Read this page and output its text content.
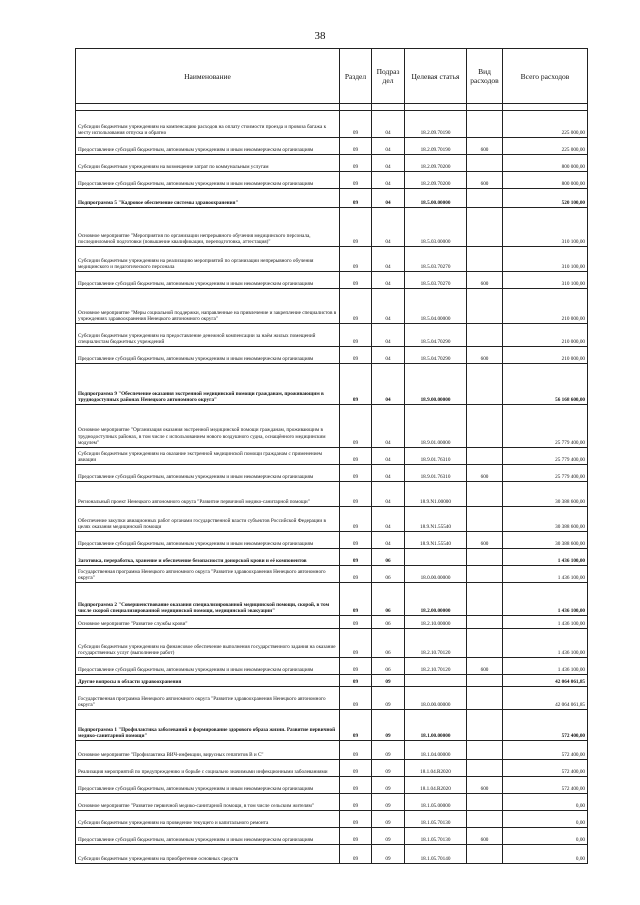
38
Наименование	Раздел	Подраз дел	Целевая статья	Вид расходов	Всего расходов

Субсидии бюджетным учреждениям на компенсацию расходов на оплату стоимости проезда и провоза багажа к месту использования отпуска и обратно	09	04	18.2.09.70190		225 000,00
Предоставление субсидий бюджетным, автономным учреждениям и иным некоммерческим организациям	09	04	18.2.09.70190	600	225 000,00
Субсидии бюджетным учреждениям на возмещение затрат по коммунальным услугам	09	04	18.2.09.70200		800 000,00
Предоставление субсидий бюджетным, автономным учреждениям и иным некоммерческим организациям	09	04	18.2.09.70200	600	800 000,00
Подпрограмма 5 "Кадровое обеспечение системы здравоохранения"	09	04	18.5.00.00000		520 100,00
Основное мероприятие "Мероприятия по организации непрерывного обучения медицинского персонала, послединломной подготовки (повышение квалификации, переподготовка, аттестация)"	09	04	18.5.03.00000		310 100,00
Субсидии бюджетным учреждениям на реализацию мероприятий по организации непрерывного обучения медицинского и педагогического персонала	09	04	18.5.03.70270		310 100,00
Предоставление субсидий бюджетным, автономным учреждениям и иным некоммерческим организациям	09	04	18.5.03.70270	600	310 100,00
Основное мероприятие "Меры социальной поддержки, направленные на привлечение и закрепление специалистов в учреждениях здравоохранения Ненецкого автономного округа"	09	04	18.5.04.00000		210 000,00
Субсидии бюджетным учреждениям на предоставление денежной компенсации за наём жилых помещений специалистам бюджетных учреждений	09	04	18.5.04.70290		210 000,00
Предоставление субсидий бюджетным, автономным учреждениям и иным некоммерческим организациям	09	04	18.5.04.70290	600	210 000,00
Подпрограмма 9 "Обеспечение оказания экстренной медицинской помощи гражданам, проживающим в труднодоступных районах Ненецкого автономного округа"	09	04	18.9.00.00000		56 168 600,00
Основное мероприятие "Организация оказания экстренной медицинской помощи гражданам, проживающим в труднодоступных районах, в том числе с использованием нового воздушного судна, оснащённого медицинским модулем"	09	04	18.9.01.00000		25 779 400,00
Субсидии бюджетным учреждениям на оказание экстренной медицинской помощи гражданам с применением авиации	09	04	18.9.01.76310		25 779 400,00
Предоставление субсидий бюджетным, автономным учреждениям и иным некоммерческим организациям	09	04	18.9.01.76310	600	25 779 400,00
Региональный проект Ненецкого автономного округа "Развитие первичной медико-санитарной помощи"	09	04	18.9.N1.00000		30 388 600,00
Обеспечение закупки авиационных работ органами государственной власти субъектов Российской Федерации в целях оказания медицинской помощи	09	04	18.9.N1.55540		30 388 600,00
Предоставление субсидий бюджетным, автономным учреждениям и иным некоммерческим организациям	09	04	18.9.N1.55540	600	30 388 600,00
Заготовка, переработка, хранение и обеспечение безопасности донорской крови и её компонентов	09	06			1 436 100,00
Государственная программа Ненецкого автономного округа "Развитие здравоохранения Ненецкого автономного округа"	09	06	18.0.00.00000		1 436 100,00
Подпрограмма 2 "Совершенствование оказания специализированной медицинской помощи, скорой, в том числе скорой специализированной медицинской помощи, медицинской эвакуации"	09	06	18.2.00.00000		1 436 100,00
Основное мероприятие "Развитие службы крови"	09	06	18.2.10.00000		1 436 100,00
Субсидии бюджетным учреждениям на финансовое обеспечение выполнения государственного задания на оказание государственных услуг (выполнение работ)	09	06	18.2.10.70120		1 436 100,00
Предоставление субсидий бюджетным, автономным учреждениям и иным некоммерческим организациям	09	06	18.2.10.70120	600	1 436 100,00
Другие вопросы в области здравоохранения	09	09			42 064 061,85
Государственная программа Ненецкого автономного округа "Развитие здравоохранения Ненецкого автономного округа"	09	09	18.0.00.00000		42 064 061,85
Подпрограмма 1 "Профилактика заболеваний и формирование здорового образа жизни. Развитие первичной медико-санитарной помощи"	09	09	18.1.00.00000		572 400,00
Основное мероприятие "Профилактика ВИЧ-инфекции, вирусных гепатитов В и С"	09	09	18.1.04.00000		572 400,00
Реализация мероприятий по предупреждению и борьбе с социально значимыми инфекционными заболеваниями	09	09	18.1.04.R2020		572 400,00
Предоставление субсидий бюджетным, автономным учреждениям и иным некоммерческим организациям	09	09	18.1.04.R2020	600	572 400,00
Основное мероприятие "Развитие первичной медико-санитарной помощи, в том числе сельским жителям"	09	09	18.1.05.00000		0,00
Субсидии бюджетным учреждениям на проведение текущего и капитального ремонта	09	09	18.1.05.70130		0,00
Предоставление субсидий бюджетным, автономным учреждениям и иным некоммерческим организациям	09	09	18.1.05.70130	600	0,00
Субсидии бюджетным учреждениям на приобретение основных средств	09	09	18.1.05.70140		0,00
